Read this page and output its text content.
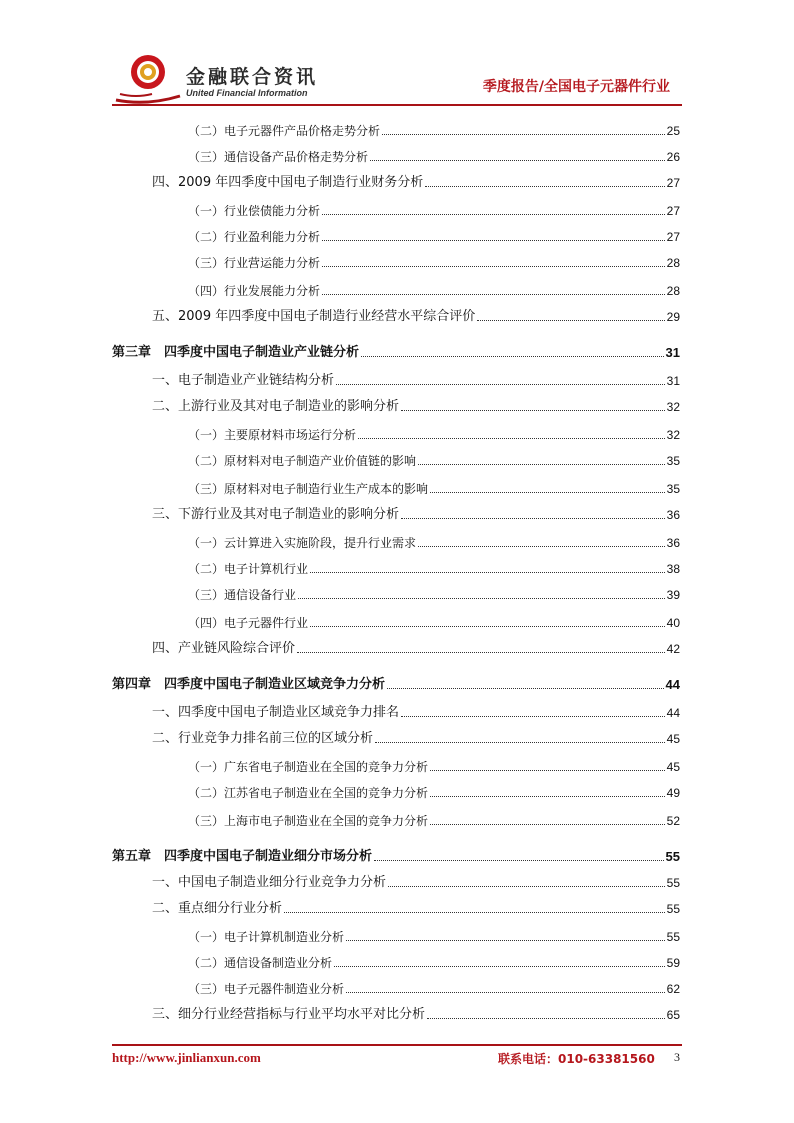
金融联合资讯
United Financial Information	季度报告/全国电子元器件行业
（二）电子元器件产品价格走势分析	25
（三）通信设备产品价格走势分析	26
四、2009 年四季度中国电子制造行业财务分析	27
（一）行业偿债能力分析	27
（二）行业盈利能力分析	27
（三）行业营运能力分析	28
（四）行业发展能力分析	28
五、2009 年四季度中国电子制造行业经营水平综合评价	29
第三章　四季度中国电子制造业产业链分析	31
一、电子制造业产业链结构分析	31
二、上游行业及其对电子制造业的影响分析	32
（一）主要原材料市场运行分析	32
（二）原材料对电子制造产业价值链的影响	35
（三）原材料对电子制造行业生产成本的影响	35
三、下游行业及其对电子制造业的影响分析	36
（一）云计算进入实施阶段，提升行业需求	36
（二）电子计算机行业	38
（三）通信设备行业	39
（四）电子元器件行业	40
四、产业链风险综合评价	42
第四章　四季度中国电子制造业区域竞争力分析	44
一、四季度中国电子制造业区域竞争力排名	44
二、行业竞争力排名前三位的区域分析	45
（一）广东省电子制造业在全国的竞争力分析	45
（二）江苏省电子制造业在全国的竞争力分析	49
（三）上海市电子制造业在全国的竞争力分析	52
第五章　四季度中国电子制造业细分市场分析	55
一、中国电子制造业细分行业竞争力分析	55
二、重点细分行业分析	55
（一）电子计算机制造业分析	55
（二）通信设备制造业分析	59
（三）电子元器件制造业分析	62
三、细分行业经营指标与行业平均水平对比分析	65
http://www.jinlianxun.com	联系电话：010-63381560 3
